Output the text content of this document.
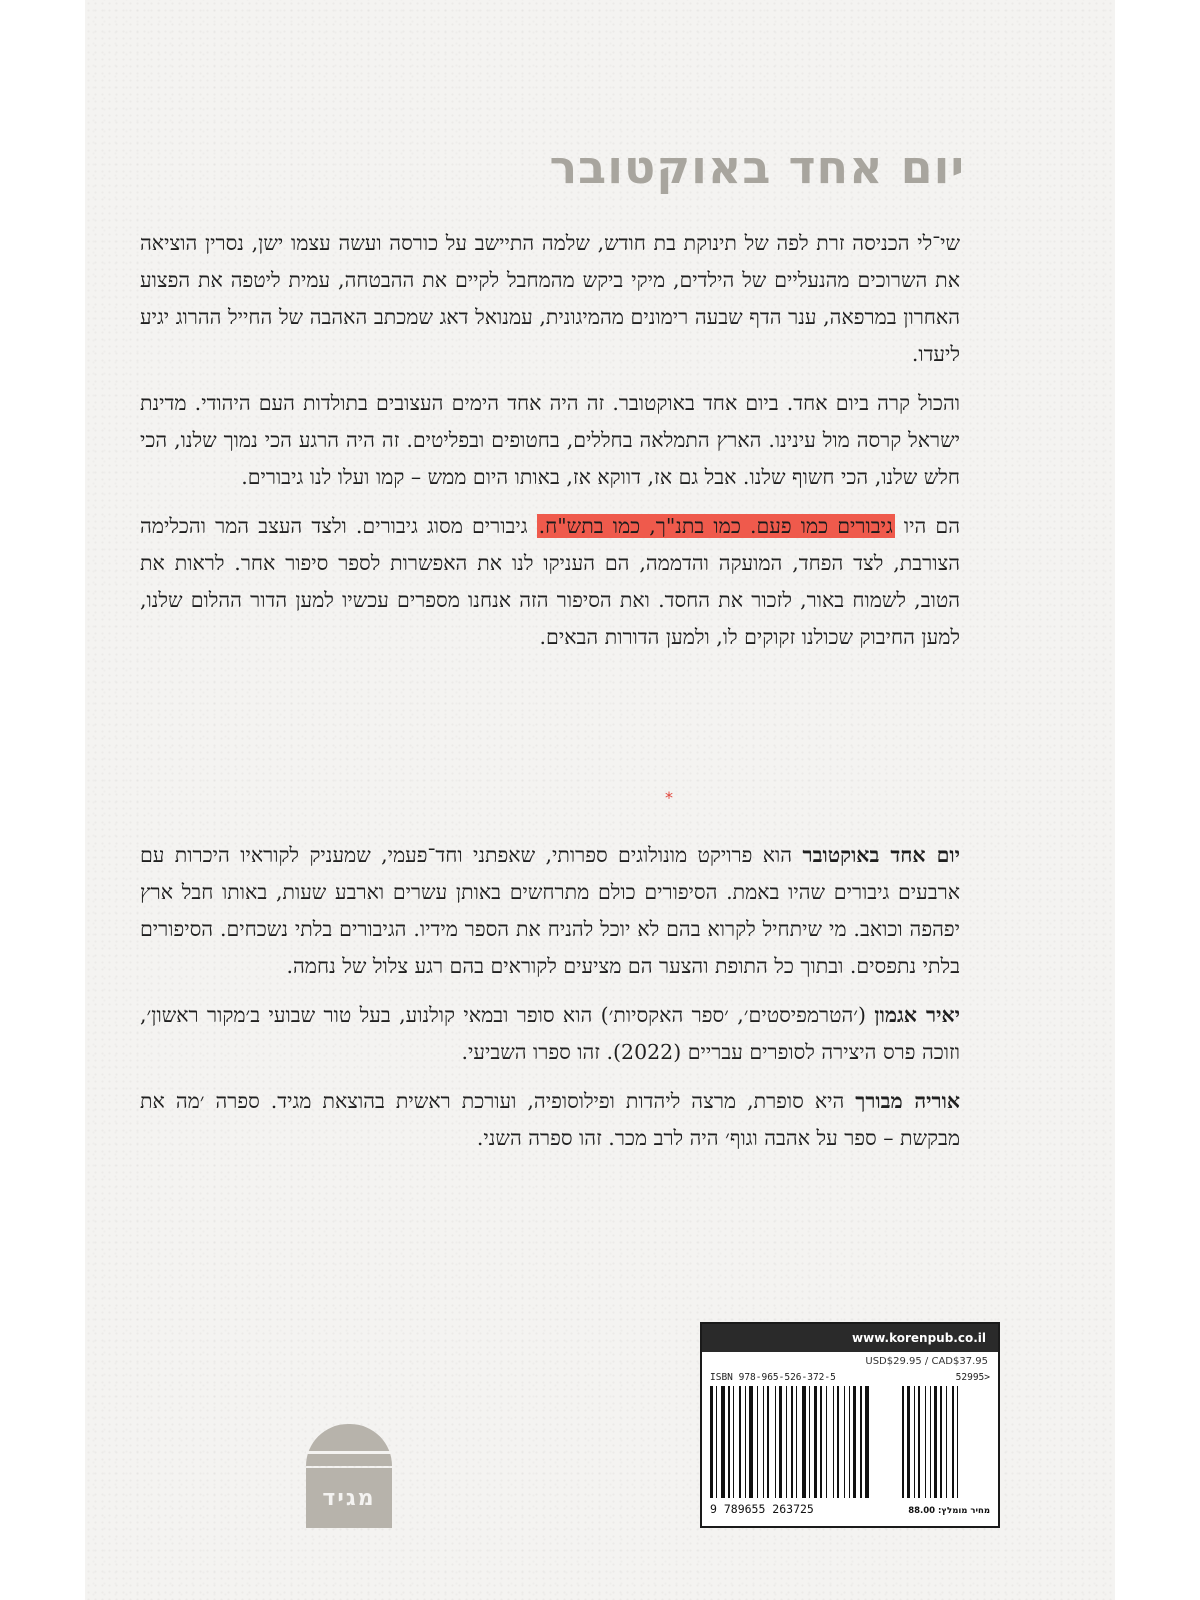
יום אחד באוקטובר

שי־לי הכניסה זרת לפה של תינוקת בת חודש, שלמה התיישב על כורסה ועשה עצמו ישן, נסרין הוציאה את השרוכים מהנעליים של הילדים, מיקי ביקש מהמחבל לקיים את ההבטחה, עמית ליטפה את הפצוע האחרון במרפאה, ענר הדף שבעה רימונים מהמיגונית, עמנואל דאג שמכתב האהבה של החייל ההרוג יגיע ליעדו.

והכול קרה ביום אחד. ביום אחד באוקטובר. זה היה אחד הימים העצובים בתולדות העם היהודי. מדינת ישראל קרסה מול עינינו. הארץ התמלאה בחללים, בחטופים ובפליטים. זה היה הרגע הכי נמוך שלנו, הכי חלש שלנו, הכי חשוף שלנו. אבל גם אז, דווקא אז, באותו היום ממש – קמו ועלו לנו גיבורים.

הם היו גיבורים כמו פעם. כמו בתנ"ך, כמו בתש"ח. גיבורים מסוג גיבורים. ולצד העצב המר והכלימה הצורבת, לצד הפחד, המועקה והדממה, הם העניקו לנו את האפשרות לספר סיפור אחר. לראות את הטוב, לשמוח באור, לזכור את החסד. ואת הסיפור הזה אנחנו מספרים עכשיו למען הדור ההלום שלנו, למען החיבוק שכולנו זקוקים לו, ולמען הדורות הבאים.

*

יום אחד באוקטובר הוא פרויקט מונולוגים ספרותי, שאפתני וחד־פעמי, שמעניק לקוראיו היכרות עם ארבעים גיבורים שהיו באמת. הסיפורים כולם מתרחשים באותן עשרים וארבע שעות, באותו חבל ארץ יפהפה וכואב. מי שיתחיל לקרוא בהם לא יוכל להניח את הספר מידיו. הגיבורים בלתי נשכחים. הסיפורים בלתי נתפסים. ובתוך כל התופת והצער הם מציעים לקוראים בהם רגע צלול של נחמה.

יאיר אגמון (׳הטרמפיסטים׳, ׳ספר האקסיות׳) הוא סופר ובמאי קולנוע, בעל טור שבועי ב׳מקור ראשון׳, וזוכה פרס היצירה לסופרים עבריים (2022). זהו ספרו השביעי.

אוריה מבורך היא סופרת, מרצה ליהדות ופילוסופיה, ועורכת ראשית בהוצאת מגיד. ספרה ׳מה את מבקשת – ספר על אהבה וגוף׳ היה לרב מכר. זהו ספרה השני.

מגיד
www.korenpub.co.il
USD$29.95 / CAD$37.95
ISBN 978-965-526-372-5	52995>
9 789655 263725	מחיר מומלץ: 88.00
